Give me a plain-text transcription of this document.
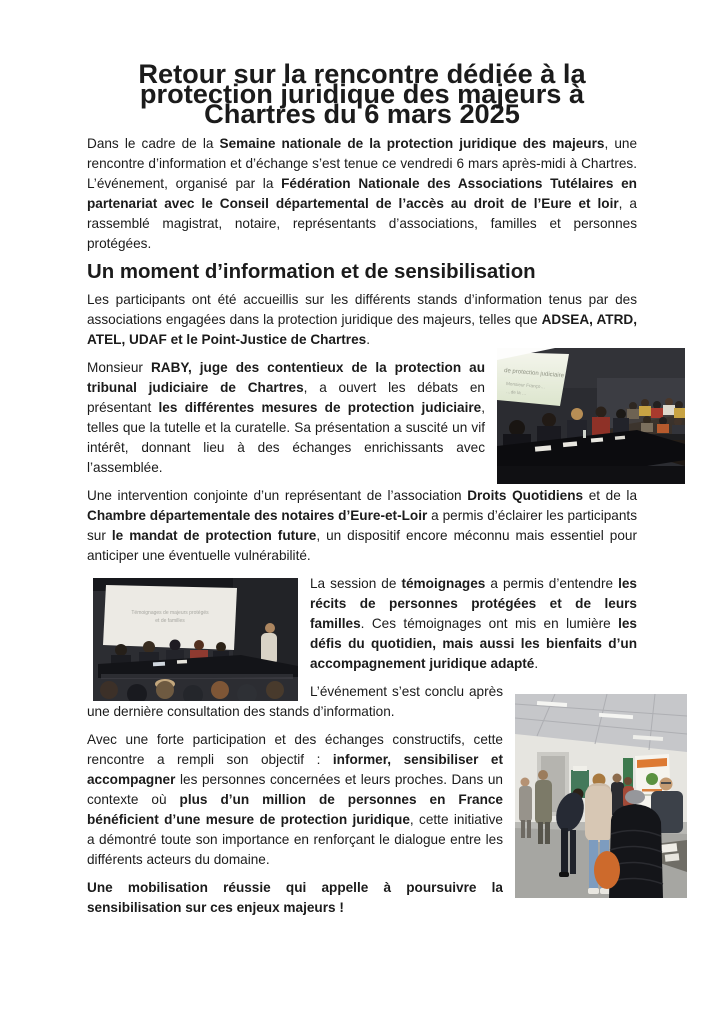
Retour sur la rencontre dédiée à la protection juridique des majeurs à Chartres du 6 mars 2025
Dans le cadre de la Semaine nationale de la protection juridique des majeurs, une rencontre d’information et d’échange s’est tenue ce vendredi 6 mars après-midi à Chartres. L’événement, organisé par la Fédération Nationale des Associations Tutélaires en partenariat avec le Conseil départemental de l’accès au droit de l’Eure et loir, a rassemblé magistrat, notaire, représentants d’associations, familles et personnes protégées.
Un moment d’information et de sensibilisation
Les participants ont été accueillis sur les différents stands d’information tenus par des associations engagées dans la protection juridique des majeurs, telles que ADSEA, ATRD, ATEL, UDAF et le Point-Justice de Chartres.
de protection judiciaire
Monsieur Franço…
…de la …
Monsieur RABY, juge des contentieux de la protection au tribunal judiciaire de Chartres, a ouvert les débats en présentant les différentes mesures de protection judiciaire, telles que la tutelle et la curatelle. Sa présentation a suscité un vif intérêt, donnant lieu à des échanges enrichissants avec l’assemblée.
Une intervention conjointe d’un représentant de l’association Droits Quotidiens et de la Chambre départementale des notaires d’Eure-et-Loir a permis d’éclairer les participants sur le mandat de protection future, un dispositif encore méconnu mais essentiel pour anticiper une éventuelle vulnérabilité.
Témoignages de majeurs protégés
et de familles
La session de témoignages a permis d’entendre les récits de personnes protégées et de leurs familles. Ces témoignages ont mis en lumière les défis du quotidien, mais aussi les bienfaits d’un accompagnement juridique adapté.
L’événement s’est conclu après une dernière consultation des stands d’information.
Avec une forte participation et des échanges constructifs, cette rencontre a rempli son objectif : informer, sensibiliser et accompagner les personnes concernées et leurs proches. Dans un contexte où plus d’un million de personnes en France bénéficient d’une mesure de protection juridique, cette initiative a démontré toute son importance en renforçant le dialogue entre les différents acteurs du domaine.
Une mobilisation réussie qui appelle à poursuivre la sensibilisation sur ces enjeux majeurs !
